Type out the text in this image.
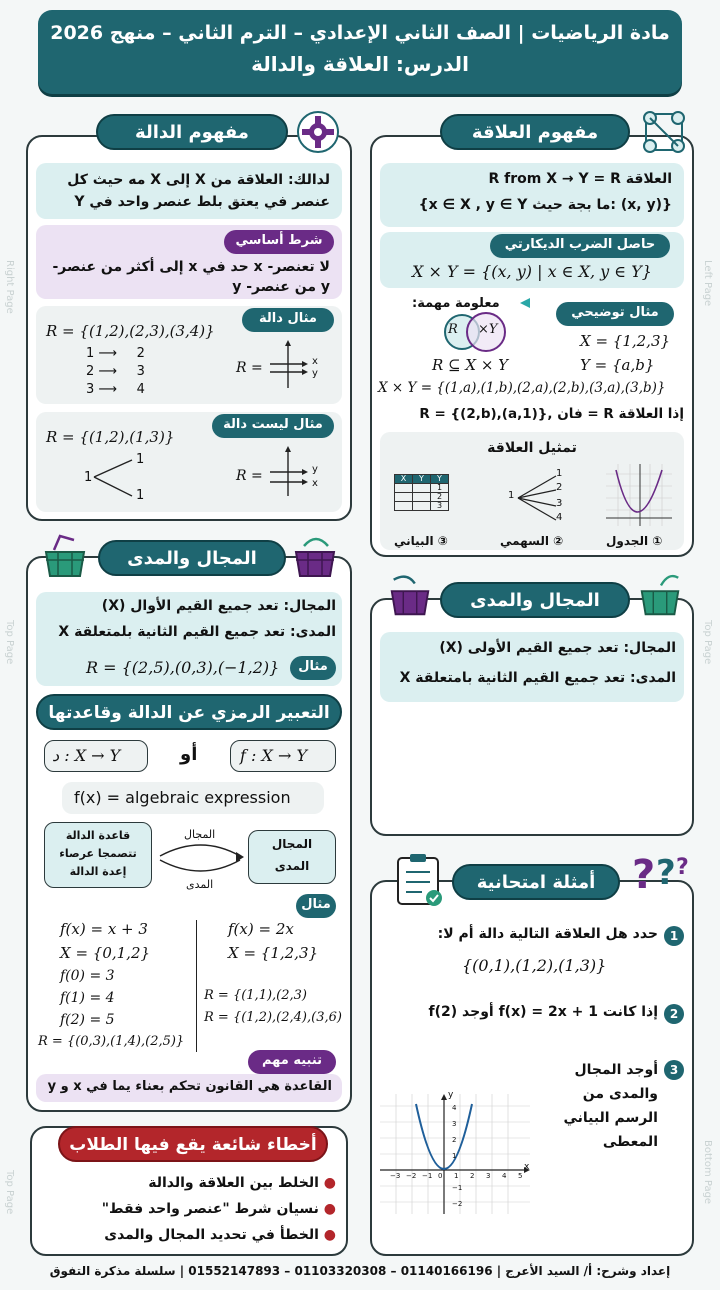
Right Page	Left Page
Top Page	Top Page
Top Page	Bottom Page
مادة الرياضيات | الصف الثاني الإعدادي – الترم الثاني – منهج 2026
الدرس: العلاقة والدالة
مفهوم العلاقة
العلاقة R from X → Y = R
{(x, y) :ما بجة حيث x ∈ X , y ∈ Y}
حاصل الضرب الديكارتي
X × Y = {(x, y) | x ∈ X, y ∈ Y}
معلومة مهمة:
R ×Y
R ⊆ X × Y
مثال توضيحي
X = {1,2,3}
Y = {a,b}
X × Y = {(1,a),(1,b),(2,a),(2,b),(3,a),(3,b)}
إذا العلاقة R = فان ,{(1,a),(2,b)} = R
تمثيل العلاقة
X	Y	Y
		1
		2
		3
1
1
2
3
4
① الجدول
② السهمي
③ البياني
مفهوم الدالة
لدالك: العلاقة من X إلى X مه حيث كل عنصر في يعتق بلط عنصر واحد في Y
لا تعنصر- x حد في x إلى أكثر من عنصر- y من عنصر- y
شرط أساسي
مثال دالة
R = {(1,2),(2,3),(3,4)}
1 ⟶ 2
2 ⟶ 3
3 ⟶ 4
R =	x
y
مثال ليست دالة
R = {(1,2),(1,3)}
1
1
1
R =	y
x
المجال والمدى
المجال: تعد جميع القيم الأوال (X)
المدى: تعد جميع القيم الثانية بلمتعلقة X
مثال
R = {(2,5),(0,3),(−1,2)}
التعبير الرمزي عن الدالة وقاعدتها
د : X → Y	أو	f : X → Y
f(x) = algebraic expression
قاعدة الدالة تتصمجا عرصاء إعدة الدالة
المجال
المدى
المجال
المدى
مثال
f(x) = x + 3
X = {0,1,2}
f(0) = 3
f(1) = 4
f(2) = 5
R = {(0,3),(1,4),(2,5)}
f(x) = 2x
X = {1,2,3}
R = {(1,1),(2,3)
R = {(1,2),(2,4),(3,6)
تنبيه مهم
القاعدة هي القانون تحكم بعناء يما في x و y
المجال والمدى
المجال: تعد جميع القيم الأولى (X)
المدى: تعد جميع القيم الثانية بامتعلقة X
أمثلة امتحانية ? ? ?
1
حدد هل العلاقة التالية دالة أم لا:
{(0,1),(1,2),(1,3)}
2
إذا كانت f(x) = 2x + 1 أوجد f(2)
3
أوجد المجال والمدى من الرسم البياني المعطى
x
y
−3 −2 −1 0	1	2	3	4	5
4
3
2
1
−1
−2
أخطاء شائعة يقع فيها الطلاب
● الخلط بين العلاقة والدالة
● نسيان شرط "عنصر واحد فقط"
● الخطأ في تحديد المجال والمدى
إعداد وشرح: أ/ السيد الأعرج | 01140166196 – 01103320308 – 01552147893 | سلسلة مذكرة التفوق
